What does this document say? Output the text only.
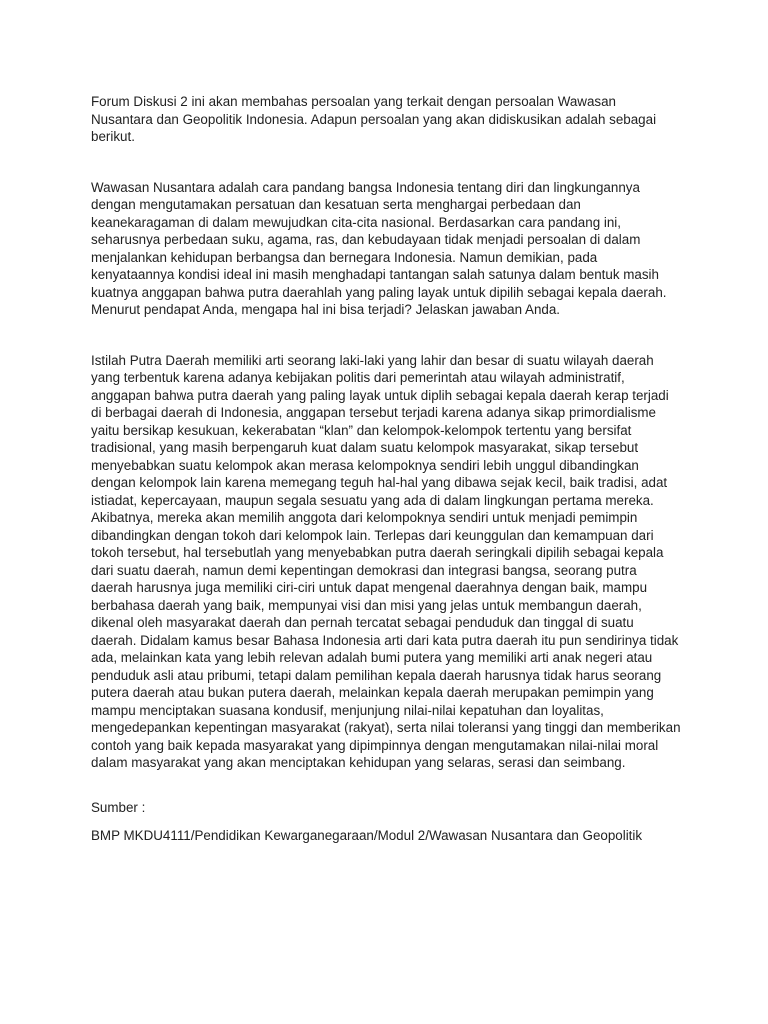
Forum Diskusi 2 ini akan membahas persoalan yang terkait dengan persoalan Wawasan Nusantara dan Geopolitik Indonesia. Adapun persoalan yang akan didiskusikan adalah sebagai berikut.

Wawasan Nusantara adalah cara pandang bangsa Indonesia tentang diri dan lingkungannya dengan mengutamakan persatuan dan kesatuan serta menghargai perbedaan dan keanekaragaman di dalam mewujudkan cita-cita nasional. Berdasarkan cara pandang ini, seharusnya perbedaan suku, agama, ras, dan kebudayaan tidak menjadi persoalan di dalam menjalankan kehidupan berbangsa dan bernegara Indonesia. Namun demikian, pada kenyataannya kondisi ideal ini masih menghadapi tantangan salah satunya dalam bentuk masih kuatnya anggapan bahwa putra daerahlah yang paling layak untuk dipilih sebagai kepala daerah. Menurut pendapat Anda, mengapa hal ini bisa terjadi? Jelaskan jawaban Anda.

Istilah Putra Daerah memiliki arti seorang laki-laki yang lahir dan besar di suatu wilayah daerah yang terbentuk karena adanya kebijakan politis dari pemerintah atau wilayah administratif, anggapan bahwa putra daerah yang paling layak untuk diplih sebagai kepala daerah kerap terjadi di berbagai daerah di Indonesia, anggapan tersebut terjadi karena adanya sikap primordialisme yaitu bersikap kesukuan, kekerabatan “klan” dan kelompok-kelompok tertentu yang bersifat tradisional, yang masih berpengaruh kuat dalam suatu kelompok masyarakat, sikap tersebut menyebabkan suatu kelompok akan merasa kelompoknya sendiri lebih unggul dibandingkan dengan kelompok lain karena memegang teguh hal-hal yang dibawa sejak kecil, baik tradisi, adat istiadat, kepercayaan, maupun segala sesuatu yang ada di dalam lingkungan pertama mereka. Akibatnya, mereka akan memilih anggota dari kelompoknya sendiri untuk menjadi pemimpin dibandingkan dengan tokoh dari kelompok lain. Terlepas dari keunggulan dan kemampuan dari tokoh tersebut, hal tersebutlah yang menyebabkan putra daerah seringkali dipilih sebagai kepala dari suatu daerah, namun demi kepentingan demokrasi dan integrasi bangsa, seorang putra daerah harusnya juga memiliki ciri-ciri untuk dapat mengenal daerahnya dengan baik, mampu berbahasa daerah yang baik, mempunyai visi dan misi yang jelas untuk membangun daerah, dikenal oleh masyarakat daerah dan pernah tercatat sebagai penduduk dan tinggal di suatu daerah. Didalam kamus besar Bahasa Indonesia arti dari kata putra daerah itu pun sendirinya tidak ada, melainkan kata yang lebih relevan adalah bumi putera yang memiliki arti anak negeri atau penduduk asli atau pribumi, tetapi dalam pemilihan kepala daerah harusnya tidak harus seorang putera daerah atau bukan putera daerah, melainkan kepala daerah merupakan pemimpin yang mampu menciptakan suasana kondusif, menjunjung nilai-nilai kepatuhan dan loyalitas, mengedepankan kepentingan masyarakat (rakyat), serta nilai toleransi yang tinggi dan memberikan contoh yang baik kepada masyarakat yang dipimpinnya dengan mengutamakan nilai-nilai moral dalam masyarakat yang akan menciptakan kehidupan yang selaras, serasi dan seimbang.

Sumber :

BMP MKDU4111/Pendidikan Kewarganegaraan/Modul 2/Wawasan Nusantara dan Geopolitik
